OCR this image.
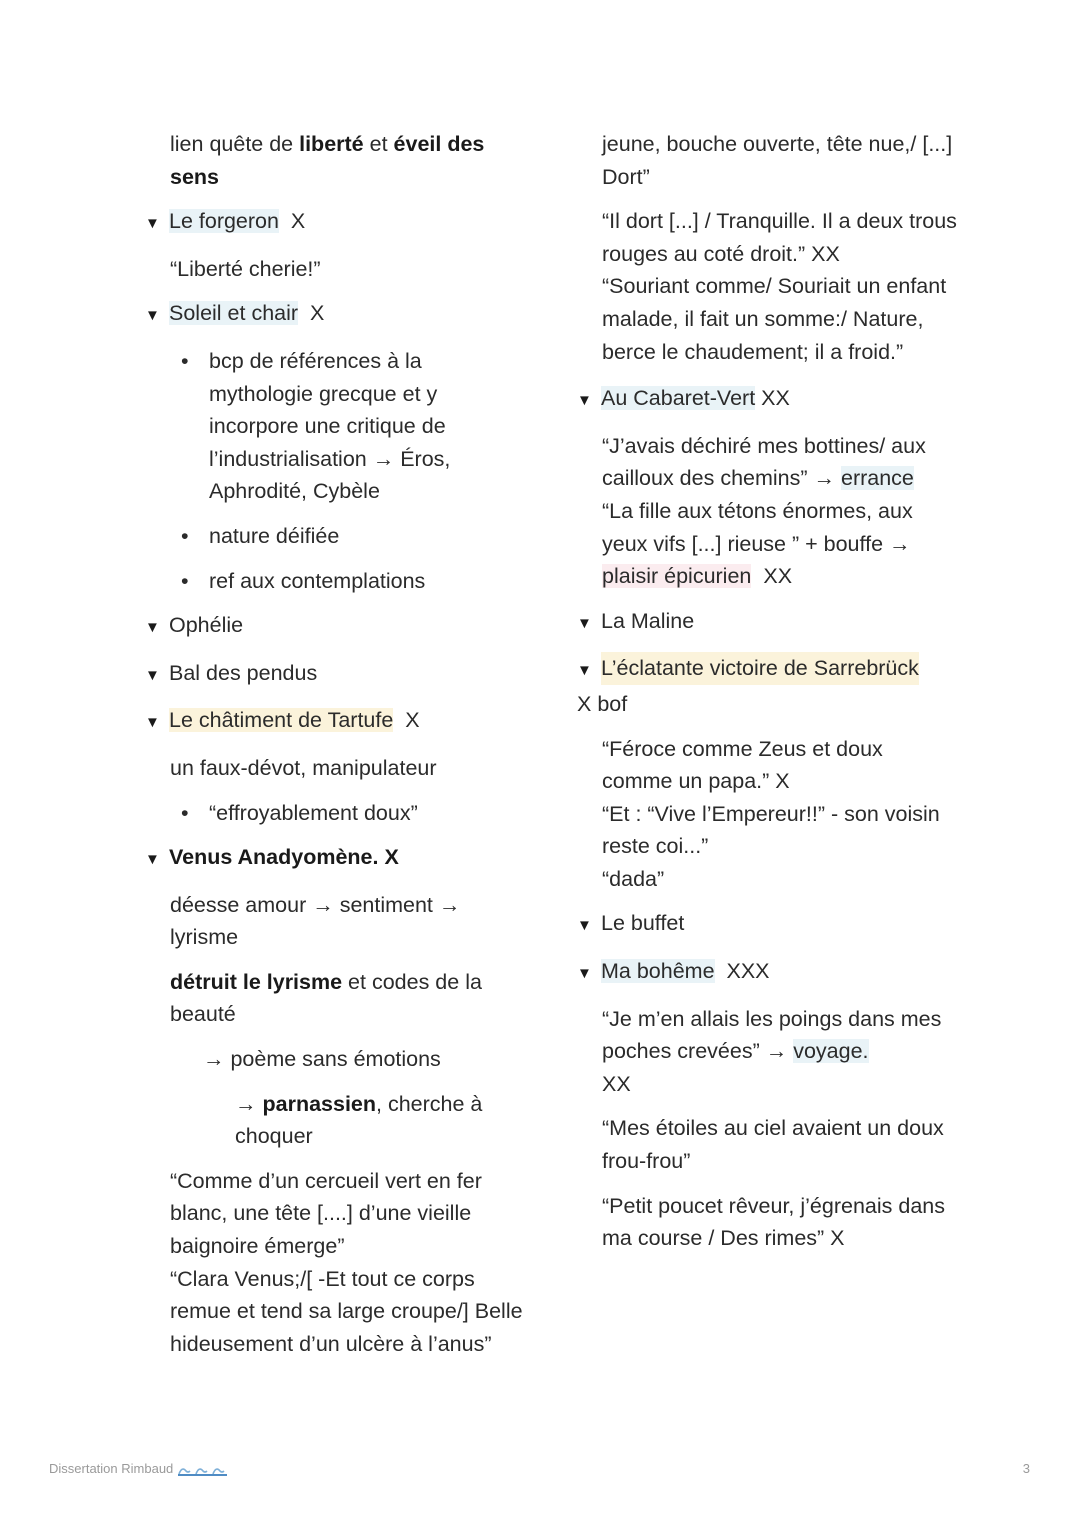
lien quête de liberté et éveil des sens

▼ Le forgeron X

“Liberté cherie!”

▼ Soleil et chair X
• bcp de références à la mythologie grecque et y incorpore une critique de l’industrialisation → Éros, Aphrodité, Cybèle
• nature déifiée
• ref aux contemplations
▼ Ophélie
▼ Bal des pendus
▼ Le châtiment de Tartufe X

un faux-dévot, manipulateur

• “effroyablement doux”
▼ Venus Anadyomène. X

déesse amour → sentiment → lyrisme

détruit le lyrisme et codes de la beauté

→ poème sans émotions

→ parnassien, cherche à choquer

“Comme d’un cercueil vert en fer blanc, une tête [....] d’une vieille baignoire émerge”

“Clara Venus;/[ -Et tout ce corps remue et tend sa large croupe/] Belle hideusement d’un ulcère à l’anus”

jeune, bouche ouverte, tête nue,/ [...] Dort”

“Il dort [...] / Tranquille. Il a deux trous rouges au coté droit.” XX

“Souriant comme/ Souriait un enfant malade, il fait un somme:/ Nature, berce le chaudement; il a froid.”

▼ Au Cabaret-Vert XX

“J’avais déchiré mes bottines/ aux cailloux des chemins” → errance

“La fille aux tétons énormes, aux yeux vifs [...] rieuse ” + bouffe → plaisir épicurien  XX

▼ La Maline
▼ L’éclatante victoire de Sarrebrück

X bof

“Féroce comme Zeus et doux comme un papa.” X

“Et : “Vive l’Empereur!!” - son voisin reste coi...”

“dada”

▼ Le buffet
▼ Ma bohême XXX

“Je m’en allais les poings dans mes poches crevées” → voyage.
XX

“Mes étoiles au ciel avaient un doux frou-frou”

“Petit poucet rêveur, j’égrenais dans ma course / Des rimes” X

Dissertation Rimbaud	3
